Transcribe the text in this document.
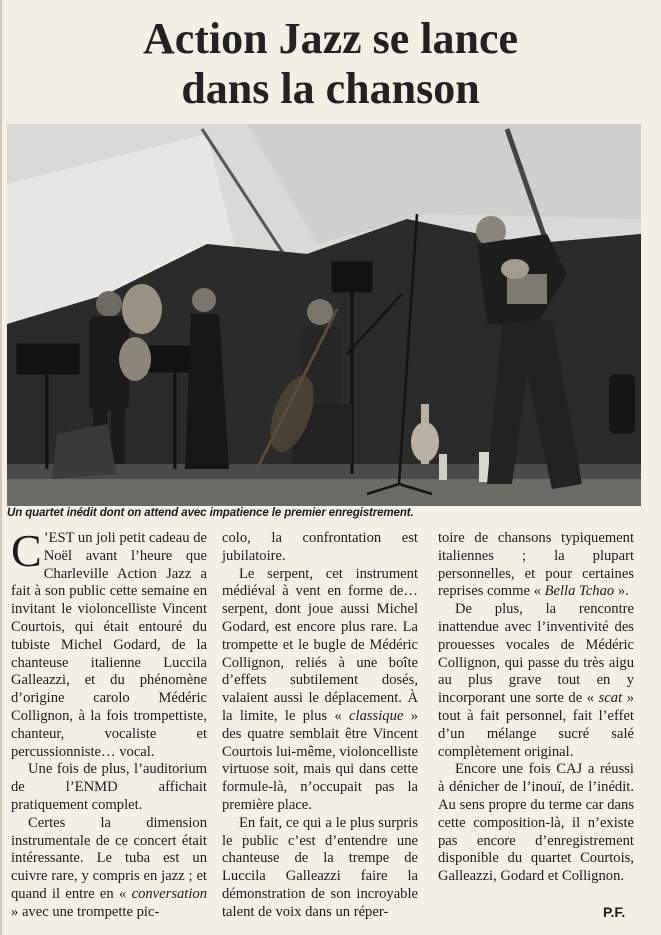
Action Jazz se lance
dans la chanson
Un quartet inédit dont on attend avec impatience le premier enregistrement.

C ’EST un joli petit cadeau de Noël avant l’heure que Charleville Action Jazz a fait à son public cette semaine en invitant le violoncelliste Vincent Courtois, qui était entouré du tubiste Michel Godard, de la chanteuse italienne Luccila Galleazzi, et du phénomène d’origine carolo Médéric Collignon, à la fois trompettiste, chanteur, vocaliste et percussionniste… vocal.

Une fois de plus, l’auditorium de l’ENMD affichait pratiquement complet.

Certes la dimension instrumentale de ce concert était intéressante. Le tuba est un cuivre rare, y compris en jazz ; et quand il entre en « conversation » avec une trompette pic-

colo, la confrontation est jubilatoire.

Le serpent, cet instrument médiéval à vent en forme de… serpent, dont joue aussi Michel Godard, est encore plus rare. La trompette et le bugle de Médéric Collignon, reliés à une boîte d’effets subtilement dosés, valaient aussi le déplacement. À la limite, le plus « classique » des quatre semblait être Vincent Courtois lui-même, violoncelliste virtuose soit, mais qui dans cette formule-là, n’occupait pas la première place.

En fait, ce qui a le plus surpris le public c’est d’entendre une chanteuse de la trempe de Luccila Galleazzi faire la démonstration de son incroyable talent de voix dans un réper-

toire de chansons typiquement italiennes ; la plupart personnelles, et pour certaines reprises comme « Bella Tchao ».

De plus, la rencontre inattendue avec l’inventivité des prouesses vocales de Médéric Collignon, qui passe du très aigu au plus grave tout en y incorporant une sorte de « scat » tout à fait personnel, fait l’effet d’un mélange sucré salé complètement original.

Encore une fois CAJ a réussi à dénicher de l’inouï, de l’inédit. Au sens propre du terme car dans cette composition-là, il n’existe pas encore d’enregistrement disponible du quartet Courtois, Galleazzi, Godard et Collignon.

P.F.
